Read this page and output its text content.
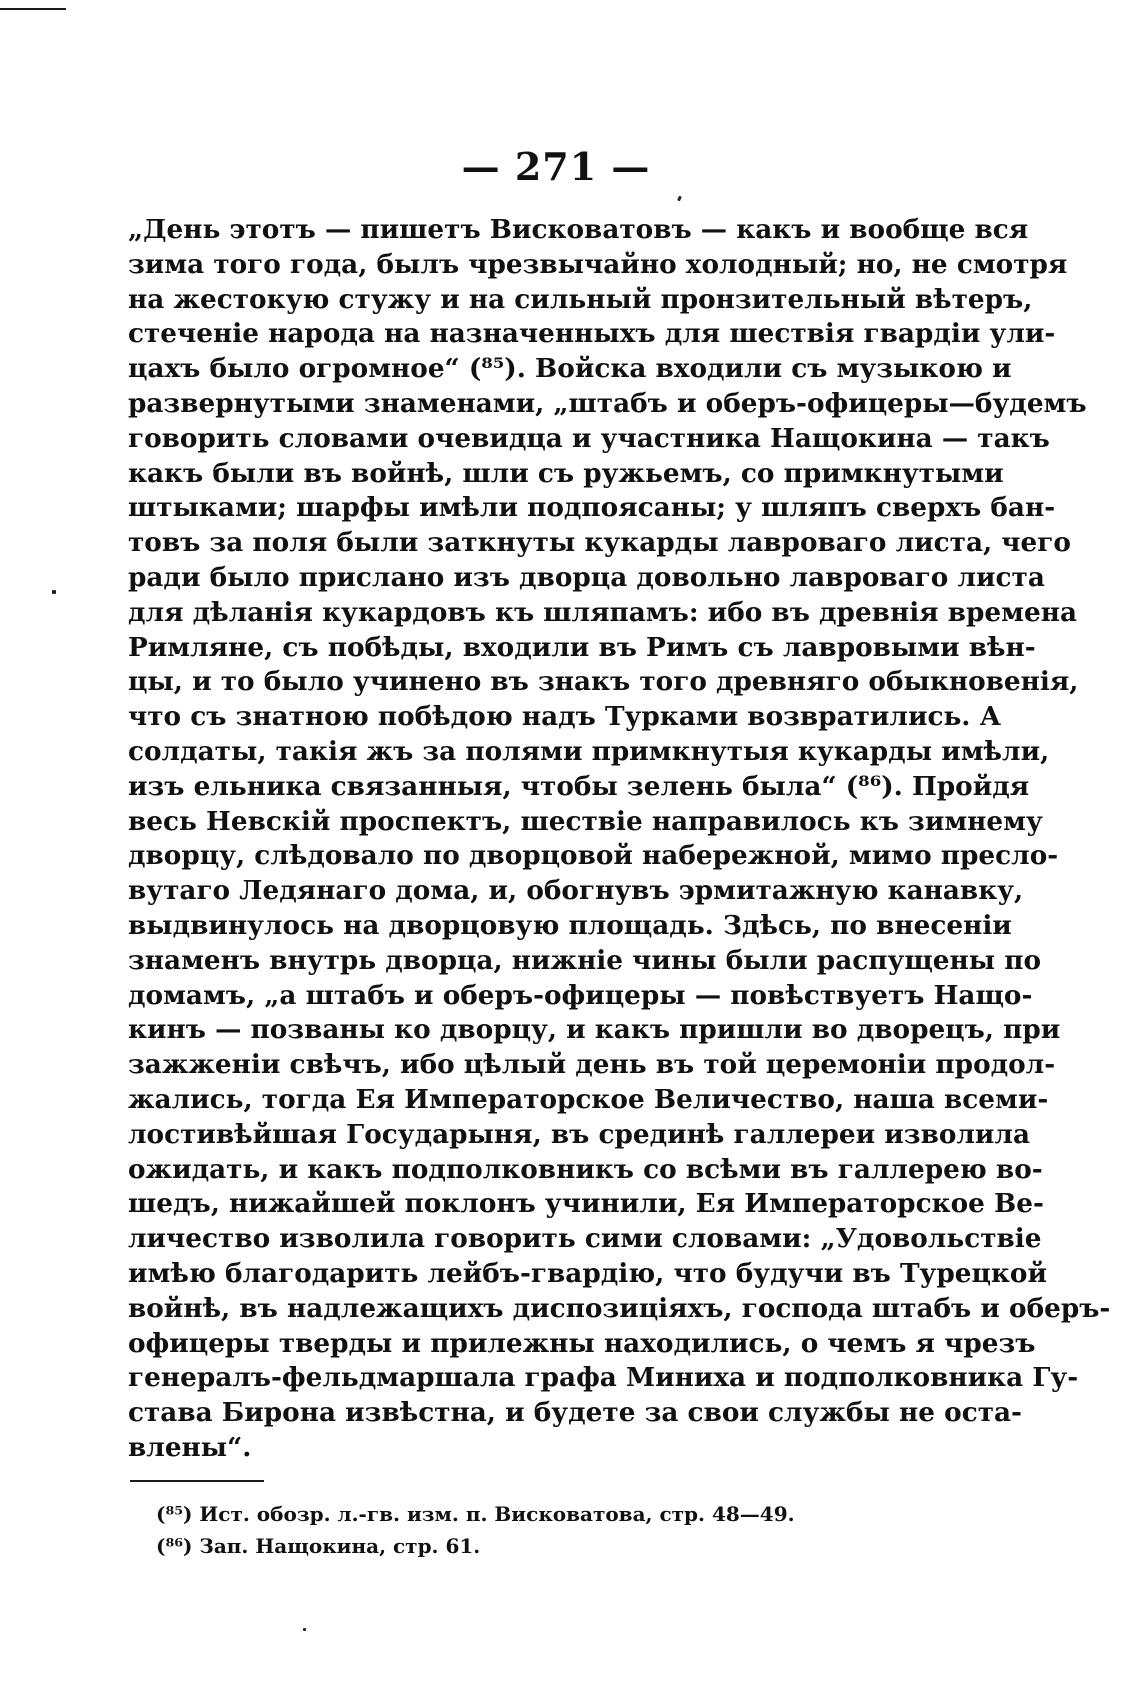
— 271 —
„День этотъ — пишетъ Висковатовъ — какъ и вообще вся
зима того года, былъ чрезвычайно холодный; но, не смотря
на жестокую стужу и на сильный пронзительный вѣтеръ,
стеченіе народа на назначенныхъ для шествія гвардіи ули-
цахъ было огромное“ (⁸⁵). Войска входили съ музыкою и
развернутыми знаменами, „штабъ и оберъ-офицеры—будемъ
говорить словами очевидца и участника Нащокина — такъ
какъ были въ войнѣ, шли съ ружьемъ, со примкнутыми
штыками; шарфы имѣли подпоясаны; у шляпъ сверхъ бан-
товъ за поля были заткнуты кукарды лавроваго листа, чего
ради было прислано изъ дворца довольно лавроваго листа
для дѣланія кукардовъ къ шляпамъ: ибо въ древнія времена
Римляне, съ побѣды, входили въ Римъ съ лавровыми вѣн-
цы, и то было учинено въ знакъ того древняго обыкновенія,
что съ знатною побѣдою надъ Турками возвратились. А
солдаты, такія жъ за полями примкнутыя кукарды имѣли,
изъ ельника связанныя, чтобы зелень была“ (⁸⁶). Пройдя
весь Невскій проспектъ, шествіе направилось къ зимнему
дворцу, слѣдовало по дворцовой набережной, мимо пресло-
вутаго Ледянаго дома, и, обогнувъ эрмитажную канавку,
выдвинулось на дворцовую площадь. Здѣсь, по внесеніи
знаменъ внутрь дворца, нижніе чины были распущены по
домамъ, „а штабъ и оберъ-офицеры — повѣствуетъ Нащо-
кинъ — позваны ко дворцу, и какъ пришли во дворецъ, при
зажженіи свѣчъ, ибо цѣлый день въ той церемоніи продол-
жались, тогда Ея Императорское Величество, наша всеми-
лостивѣйшая Государыня, въ срединѣ галлереи изволила
ожидать, и какъ подполковникъ со всѣми въ галлерею во-
шедъ, нижайшей поклонъ учинили, Ея Императорское Ве-
личество изволила говорить сими словами: „Удовольствіе
имѣю благодарить лейбъ-гвардію, что будучи въ Турецкой
войнѣ, въ надлежащихъ диспозиціяхъ, господа штабъ и оберъ-
офицеры тверды и прилежны находились, о чемъ я чрезъ
генералъ-фельдмаршала графа Миниха и подполковника Гу-
става Бирона извѣстна, и будете за свои службы не оста-
влены“.
(⁸⁵) Ист. обозр. л.-гв. изм. п. Висковатова, стр. 48—49.
(⁸⁶) Зап. Нащокина, стр. 61.
